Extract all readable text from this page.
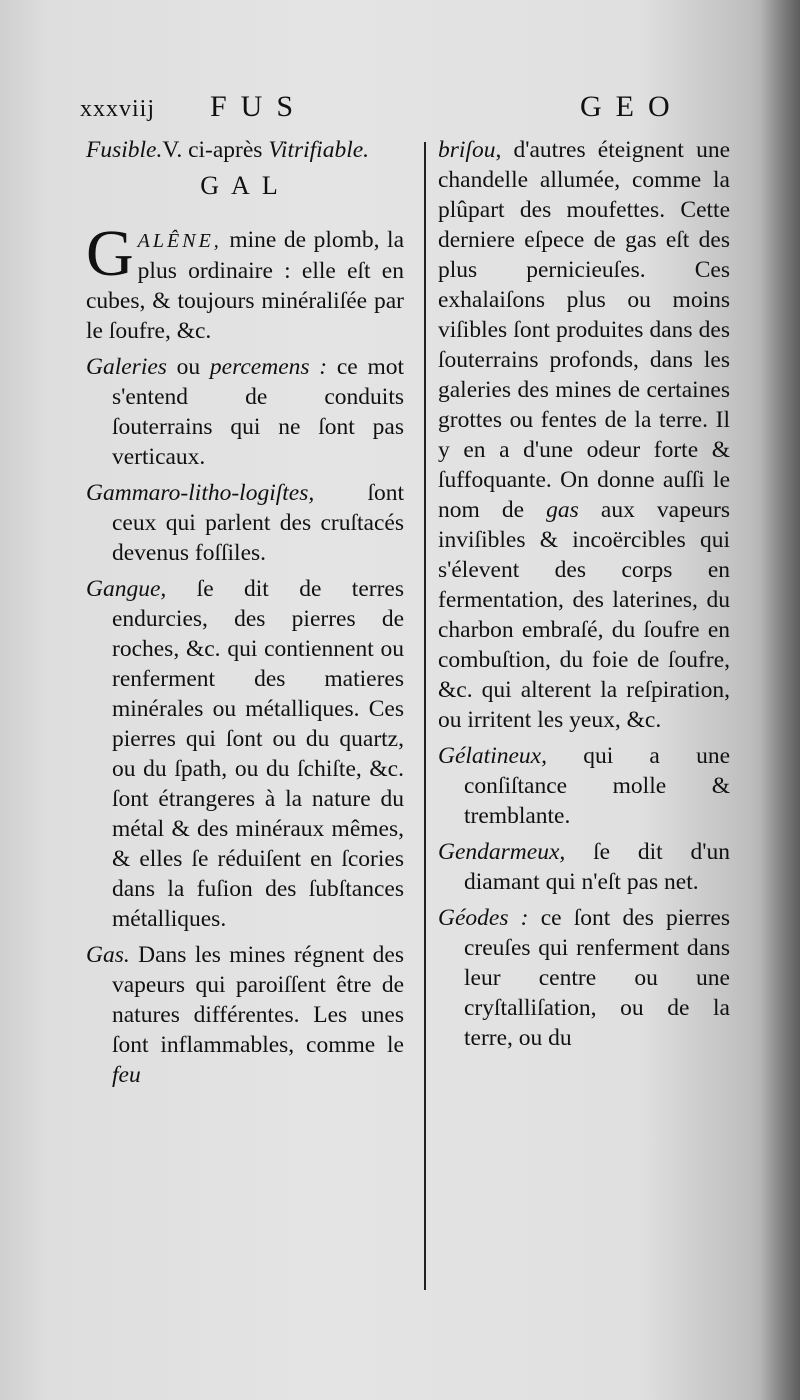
xxxviij FUS	GEO

Fusible.V. ci-après Vitrifiable.

GAL

GALÊNE, mine de plomb, la plus ordinaire : elle eſt en cubes, & toujours minéraliſée par le ſoufre, &c.

Galeries ou percemens : ce mot s'entend de conduits ſouterrains qui ne ſont pas verticaux.

Gammaro-litho-logiſtes, ſont ceux qui parlent des cruſtacés devenus foſſiles.

Gangue, ſe dit de terres endurcies, des pierres de roches, &c. qui contiennent ou renferment des matieres minérales ou métalliques. Ces pierres qui ſont ou du quartz, ou du ſpath, ou du ſchiſte, &c. ſont étrangeres à la nature du métal & des minéraux mêmes, & elles ſe réduiſent en ſcories dans la fuſion des ſubſtances métalliques.

Gas. Dans les mines régnent des vapeurs qui paroiſſent être de natures différentes. Les unes ſont inflammables, comme le feu

briſou, d'autres éteignent une chandelle allumée, comme la plûpart des moufettes. Cette derniere eſpece de gas eſt des plus pernicieuſes. Ces exhalaiſons plus ou moins viſibles ſont produites dans des ſouterrains profonds, dans les galeries des mines de certaines grottes ou fentes de la terre. Il y en a d'une odeur forte & ſuffoquante. On donne auſſi le nom de gas aux vapeurs inviſibles & incoërcibles qui s'élevent des corps en fermentation, des laterines, du charbon embraſé, du ſoufre en combuſtion, du foie de ſoufre, &c. qui alterent la reſpiration, ou irritent les yeux, &c.

Gélatineux, qui a une conſiſtance molle & tremblante.

Gendarmeux, ſe dit d'un diamant qui n'eſt pas net.

Géodes : ce ſont des pierres creuſes qui renferment dans leur centre ou une cryſtalliſation, ou de la terre, ou du
